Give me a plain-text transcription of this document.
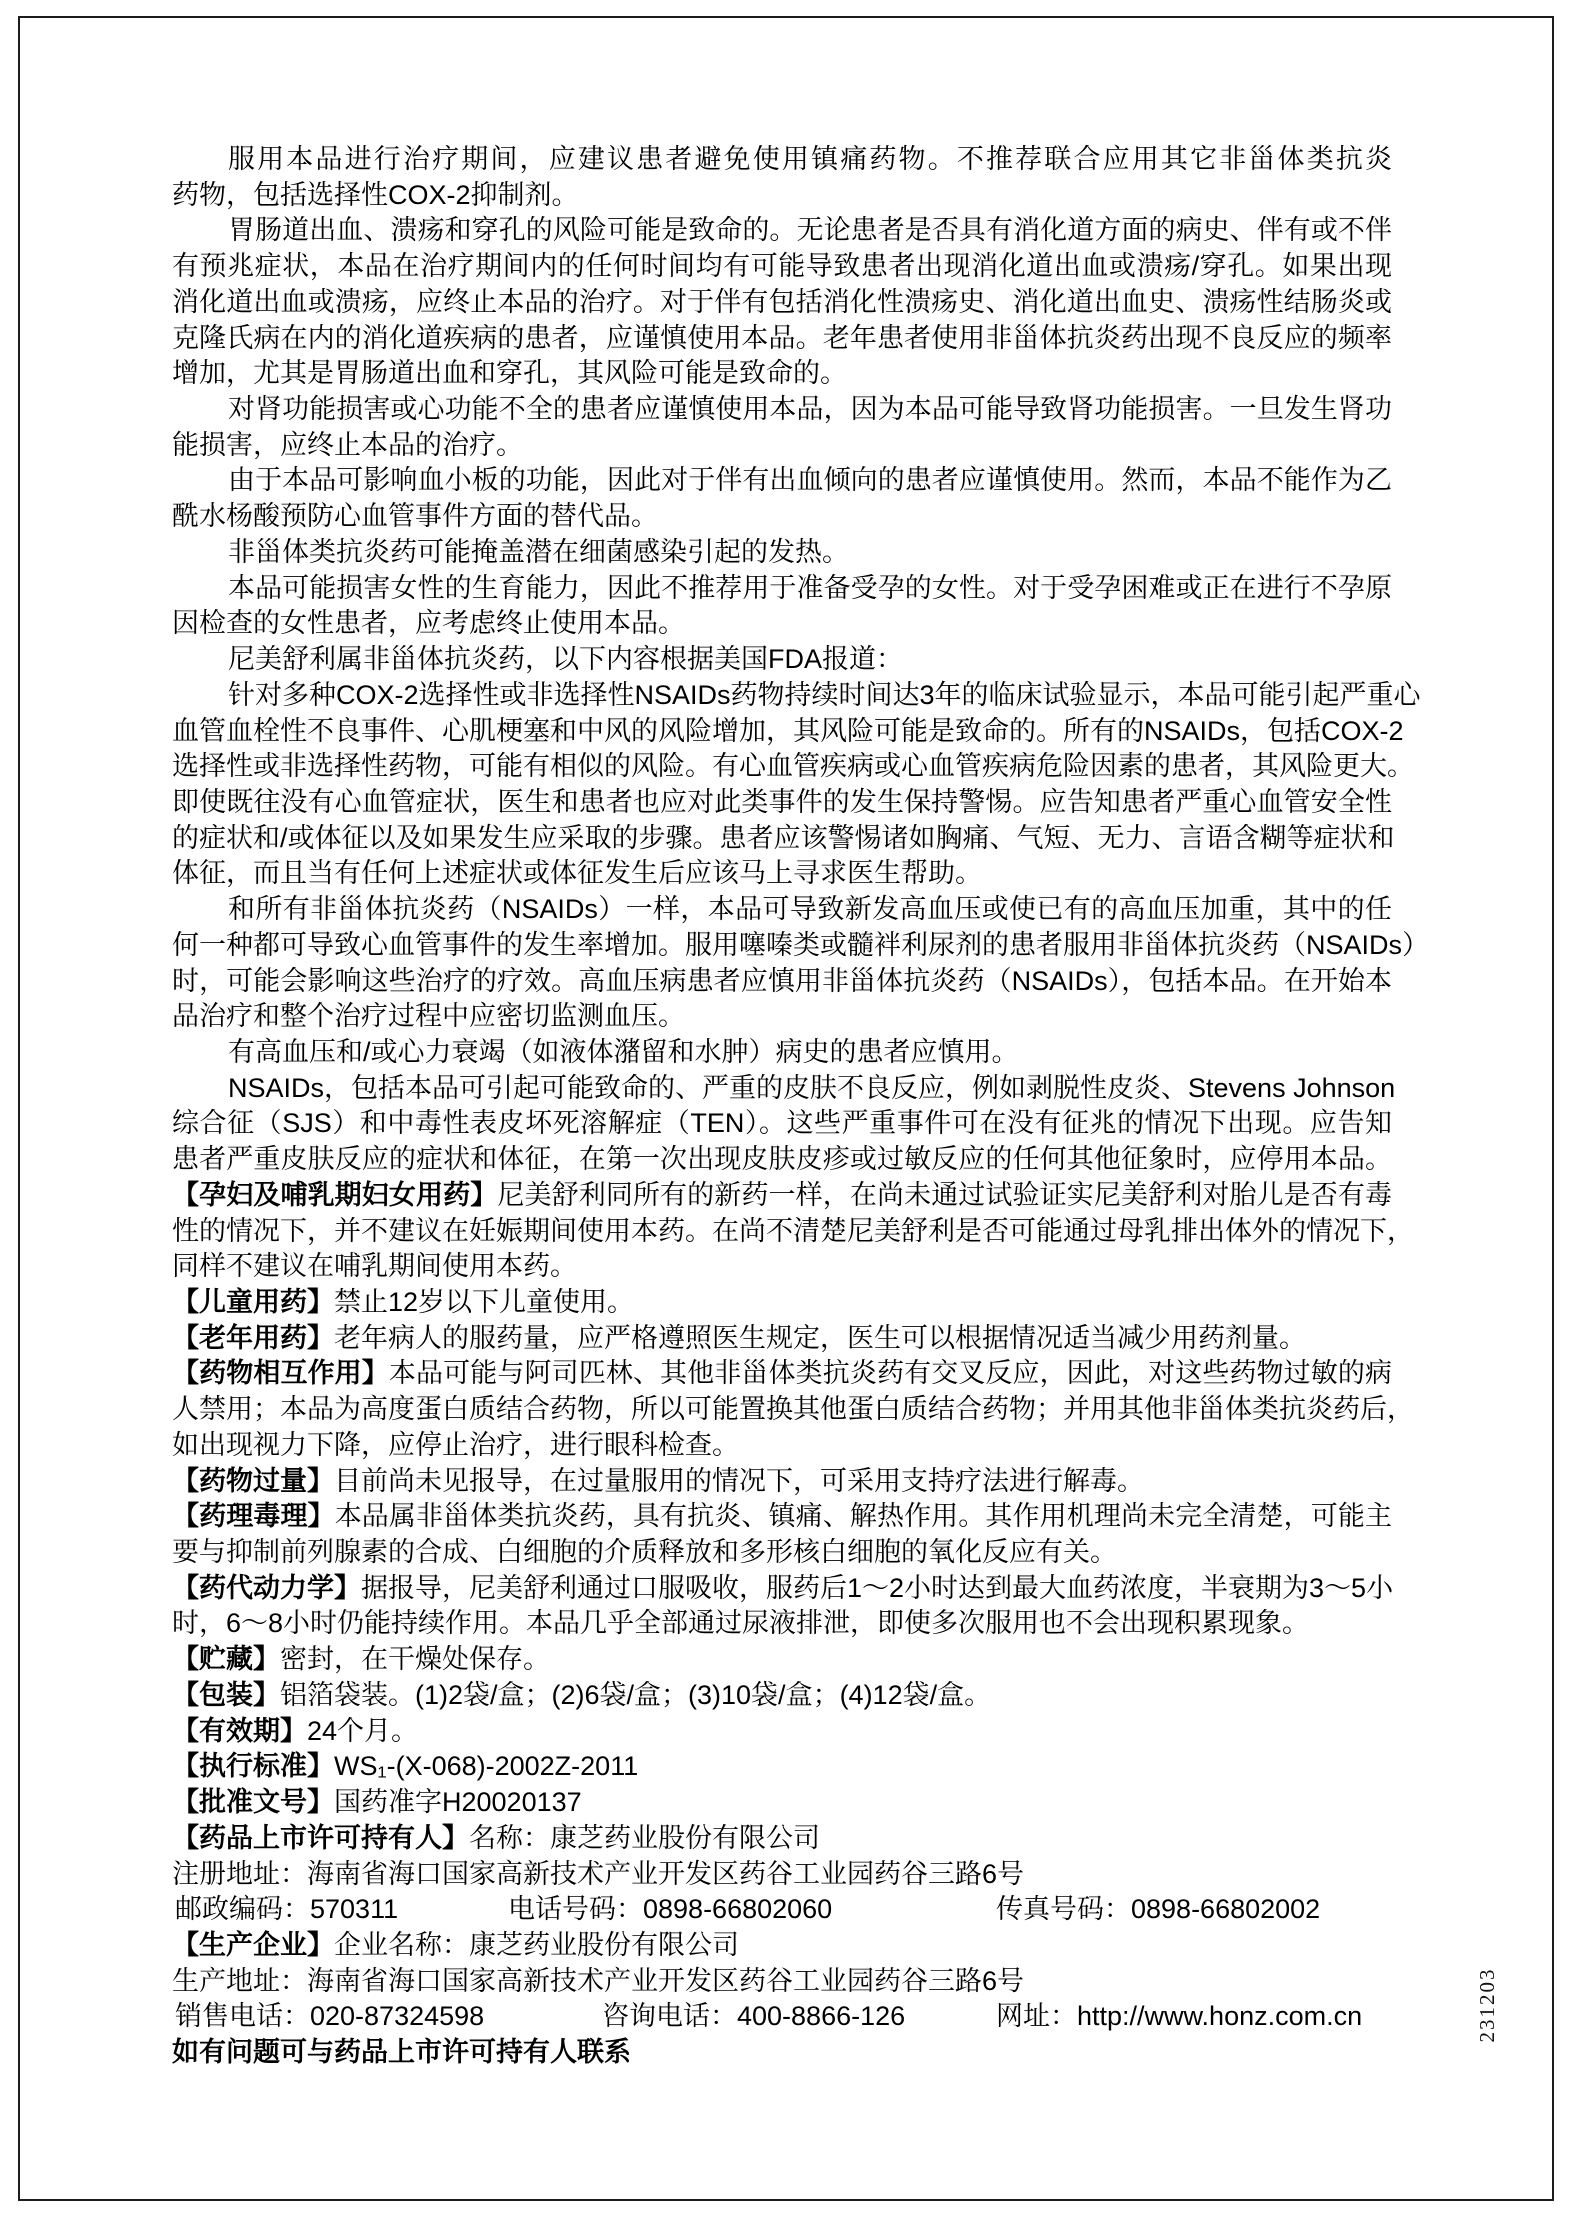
服用本品进行治疗期间，应建议患者避免使用镇痛药物。不推荐联合应用其它非甾体类抗炎
药物，包括选择性COX-2抑制剂。
胃肠道出血、溃疡和穿孔的风险可能是致命的。无论患者是否具有消化道方面的病史、伴有或不伴
有预兆症状，本品在治疗期间内的任何时间均有可能导致患者出现消化道出血或溃疡/穿孔。如果出现
消化道出血或溃疡，应终止本品的治疗。对于伴有包括消化性溃疡史、消化道出血史、溃疡性结肠炎或
克隆氏病在内的消化道疾病的患者，应谨慎使用本品。老年患者使用非甾体抗炎药出现不良反应的频率
增加，尤其是胃肠道出血和穿孔，其风险可能是致命的。
对肾功能损害或心功能不全的患者应谨慎使用本品，因为本品可能导致肾功能损害。一旦发生肾功
能损害，应终止本品的治疗。
由于本品可影响血小板的功能，因此对于伴有出血倾向的患者应谨慎使用。然而，本品不能作为乙
酰水杨酸预防心血管事件方面的替代品。
非甾体类抗炎药可能掩盖潜在细菌感染引起的发热。
本品可能损害女性的生育能力，因此不推荐用于准备受孕的女性。对于受孕困难或正在进行不孕原
因检查的女性患者，应考虑终止使用本品。
尼美舒利属非甾体抗炎药，以下内容根据美国FDA报道：
针对多种COX-2选择性或非选择性NSAIDs药物持续时间达3年的临床试验显示，本品可能引起严重心
血管血栓性不良事件、心肌梗塞和中风的风险增加，其风险可能是致命的。所有的NSAIDs，包括COX-2
选择性或非选择性药物，可能有相似的风险。有心血管疾病或心血管疾病危险因素的患者，其风险更大。
即使既往没有心血管症状，医生和患者也应对此类事件的发生保持警惕。应告知患者严重心血管安全性
的症状和/或体征以及如果发生应采取的步骤。患者应该警惕诸如胸痛、气短、无力、言语含糊等症状和
体征，而且当有任何上述症状或体征发生后应该马上寻求医生帮助。
和所有非甾体抗炎药（NSAIDs）一样，本品可导致新发高血压或使已有的高血压加重，其中的任
何一种都可导致心血管事件的发生率增加。服用噻嗪类或髓袢利尿剂的患者服用非甾体抗炎药（NSAIDs）
时，可能会影响这些治疗的疗效。高血压病患者应慎用非甾体抗炎药（NSAIDs），包括本品。在开始本
品治疗和整个治疗过程中应密切监测血压。
有高血压和/或心力衰竭（如液体潴留和水肿）病史的患者应慎用。
NSAIDs，包括本品可引起可能致命的、严重的皮肤不良反应，例如剥脱性皮炎、Stevens Johnson
综合征（SJS）和中毒性表皮坏死溶解症（TEN）。这些严重事件可在没有征兆的情况下出现。应告知
患者严重皮肤反应的症状和体征，在第一次出现皮肤皮疹或过敏反应的任何其他征象时，应停用本品。
【孕妇及哺乳期妇女用药】尼美舒利同所有的新药一样，在尚未通过试验证实尼美舒利对胎儿是否有毒
性的情况下，并不建议在妊娠期间使用本药。在尚不清楚尼美舒利是否可能通过母乳排出体外的情况下，
同样不建议在哺乳期间使用本药。
【儿童用药】禁止12岁以下儿童使用。
【老年用药】老年病人的服药量，应严格遵照医生规定，医生可以根据情况适当减少用药剂量。
【药物相互作用】本品可能与阿司匹林、其他非甾体类抗炎药有交叉反应，因此，对这些药物过敏的病
人禁用；本品为高度蛋白质结合药物，所以可能置换其他蛋白质结合药物；并用其他非甾体类抗炎药后，
如出现视力下降，应停止治疗，进行眼科检查。
【药物过量】目前尚未见报导，在过量服用的情况下，可采用支持疗法进行解毒。
【药理毒理】本品属非甾体类抗炎药，具有抗炎、镇痛、解热作用。其作用机理尚未完全清楚，可能主
要与抑制前列腺素的合成、白细胞的介质释放和多形核白细胞的氧化反应有关。
【药代动力学】据报导，尼美舒利通过口服吸收，服药后1～2小时达到最大血药浓度，半衰期为3～5小
时，6～8小时仍能持续作用。本品几乎全部通过尿液排泄，即使多次服用也不会出现积累现象。
【贮藏】密封，在干燥处保存。
【包装】铝箔袋装。(1)2袋/盒；(2)6袋/盒；(3)10袋/盒；(4)12袋/盒。
【有效期】24个月。
【执行标准】WS₁-(X-068)-2002Z-2011
【批准文号】国药准字H20020137
【药品上市许可持有人】名称：康芝药业股份有限公司
注册地址：海南省海口国家高新技术产业开发区药谷工业园药谷三路6号
邮政编码：570311	电话号码：0898-66802060	传真号码：0898-66802002
【生产企业】企业名称：康芝药业股份有限公司
生产地址：海南省海口国家高新技术产业开发区药谷工业园药谷三路6号
销售电话：020-87324598	咨询电话：400-8866-126	网址：http://www.honz.com.cn
如有问题可与药品上市许可持有人联系
231203
